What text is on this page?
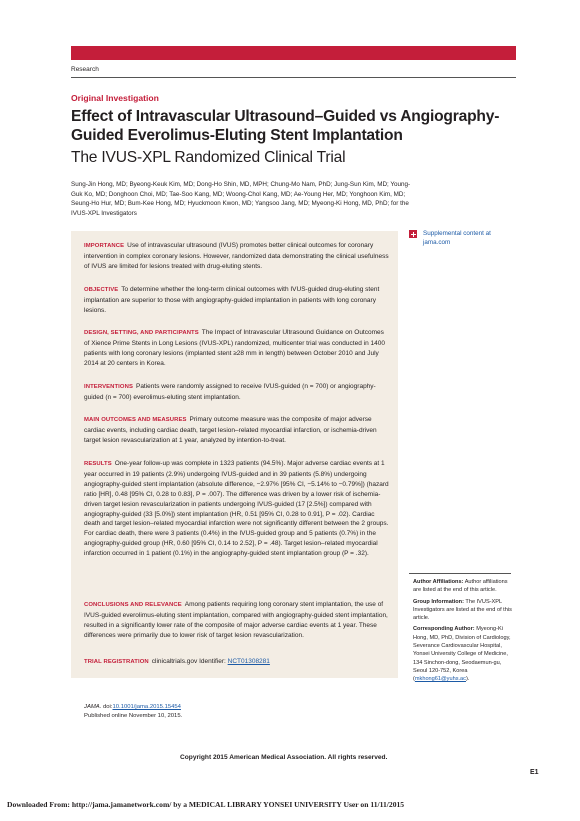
Research
Original Investigation
Effect of Intravascular Ultrasound–Guided vs Angiography-Guided Everolimus-Eluting Stent Implantation
The IVUS-XPL Randomized Clinical Trial
Sung-Jin Hong, MD; Byeong-Keuk Kim, MD; Dong-Ho Shin, MD, MPH; Chung-Mo Nam, PhD; Jung-Sun Kim, MD; Young-Guk Ko, MD; Donghoon Choi, MD; Tae-Soo Kang, MD; Woong-Chol Kang, MD; Ae-Young Her, MD; Yonghoon Kim, MD; Seung-Ho Hur, MD; Bum-Kee Hong, MD; Hyuckmoon Kwon, MD; Yangsoo Jang, MD; Myeong-Ki Hong, MD, PhD; for the IVUS-XPL Investigators
IMPORTANCE Use of intravascular ultrasound (IVUS) promotes better clinical outcomes for coronary intervention in complex coronary lesions. However, randomized data demonstrating the clinical usefulness of IVUS are limited for lesions treated with drug-eluting stents.
OBJECTIVE To determine whether the long-term clinical outcomes with IVUS-guided drug-eluting stent implantation are superior to those with angiography-guided implantation in patients with long coronary lesions.
DESIGN, SETTING, AND PARTICIPANTS The Impact of Intravascular Ultrasound Guidance on Outcomes of Xience Prime Stents in Long Lesions (IVUS-XPL) randomized, multicenter trial was conducted in 1400 patients with long coronary lesions (implanted stent ≥28 mm in length) between October 2010 and July 2014 at 20 centers in Korea.
INTERVENTIONS Patients were randomly assigned to receive IVUS-guided (n = 700) or angiography-guided (n = 700) everolimus-eluting stent implantation.
MAIN OUTCOMES AND MEASURES Primary outcome measure was the composite of major adverse cardiac events, including cardiac death, target lesion–related myocardial infarction, or ischemia-driven target lesion revascularization at 1 year, analyzed by intention-to-treat.
RESULTS One-year follow-up was complete in 1323 patients (94.5%). Major adverse cardiac events at 1 year occurred in 19 patients (2.9%) undergoing IVUS-guided and in 39 patients (5.8%) undergoing angiography-guided stent implantation (absolute difference, −2.97% [95% CI, −5.14% to −0.79%]) (hazard ratio [HR], 0.48 [95% CI, 0.28 to 0.83], P = .007). The difference was driven by a lower risk of ischemia-driven target lesion revascularization in patients undergoing IVUS-guided (17 [2.5%]) compared with angiography-guided (33 [5.0%]) stent implantation (HR, 0.51 [95% CI, 0.28 to 0.91], P = .02). Cardiac death and target lesion–related myocardial infarction were not significantly different between the 2 groups. For cardiac death, there were 3 patients (0.4%) in the IVUS-guided group and 5 patients (0.7%) in the angiography-guided group (HR, 0.60 [95% CI, 0.14 to 2.52], P = .48). Target lesion–related myocardial infarction occurred in 1 patient (0.1%) in the angiography-guided stent implantation group (P = .32).
CONCLUSIONS AND RELEVANCE Among patients requiring long coronary stent implantation, the use of IVUS-guided everolimus-eluting stent implantation, compared with angiography-guided stent implantation, resulted in a significantly lower rate of the composite of major adverse cardiac events at 1 year. These differences were primarily due to lower risk of target lesion revascularization.
TRIAL REGISTRATION clinicaltrials.gov Identifier: NCT01308281
JAMA. doi:10.1001/jama.2015.15454
Published online November 10, 2015.
Supplemental content at jama.com

Author Affiliations: Author affiliations are listed at the end of this article.

Group Information: The IVUS-XPL Investigators are listed at the end of this article.

Corresponding Author: Myeong-Ki Hong, MD, PhD, Division of Cardiology, Severance Cardiovascular Hospital, Yonsei University College of Medicine, 134 Sinchon-dong, Seodaemun-gu, Seoul 120-752, Korea (mkhong61@yuhs.ac).

Copyright 2015 American Medical Association. All rights reserved.
E1
Downloaded From: http://jama.jamanetwork.com/ by a MEDICAL LIBRARY YONSEI UNIVERSITY User on 11/11/2015
